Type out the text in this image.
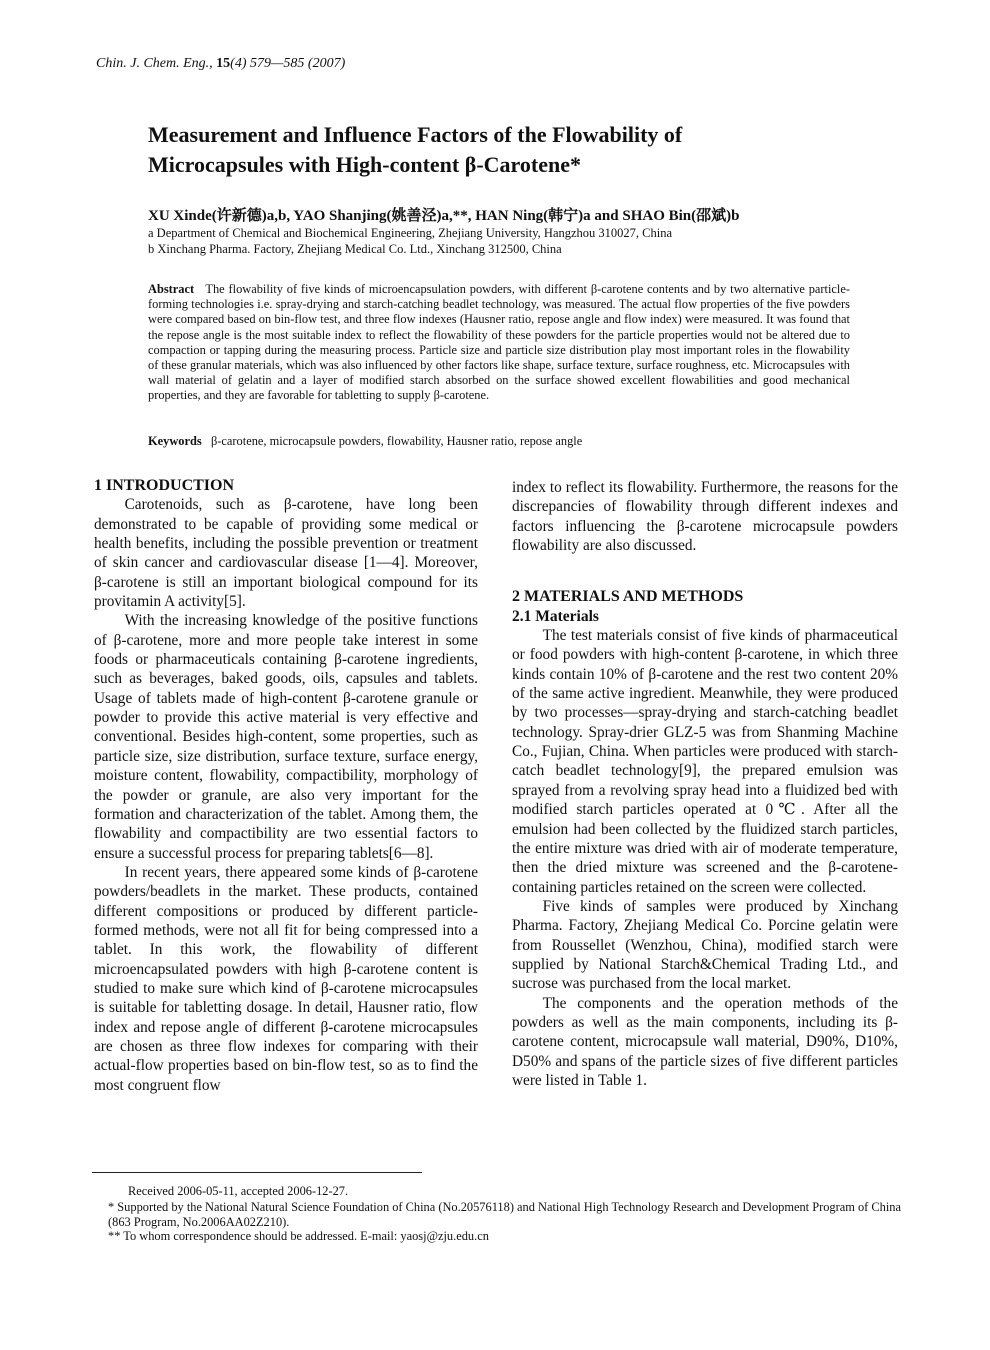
Chin. J. Chem. Eng., 15(4) 579—585 (2007)
Measurement and Influence Factors of the Flowability of
Microcapsules with High-content β-Carotene*
XU Xinde(许新德)a,b, YAO Shanjing(姚善泾)a,**, HAN Ning(韩宁)a and SHAO Bin(邵斌)b
a Department of Chemical and Biochemical Engineering, Zhejiang University, Hangzhou 310027, China
b Xinchang Pharma. Factory, Zhejiang Medical Co. Ltd., Xinchang 312500, China
Abstract The flowability of five kinds of microencapsulation powders, with different β-carotene contents and by two alternative particle-forming technologies i.e. spray-drying and starch-catching beadlet technology, was measured. The actual flow properties of the five powders were compared based on bin-flow test, and three flow indexes (Hausner ratio, repose angle and flow index) were measured. It was found that the repose angle is the most suitable index to reflect the flowability of these powders for the particle properties would not be altered due to compaction or tapping during the measuring process. Particle size and particle size distribution play most important roles in the flowability of these granular materials, which was also influenced by other factors like shape, surface texture, surface roughness, etc. Microcapsules with wall material of gelatin and a layer of modified starch absorbed on the surface showed excellent flowabilities and good mechanical properties, and they are favorable for tabletting to supply β-carotene.
Keywords β-carotene, microcapsule powders, flowability, Hausner ratio, repose angle
1 INTRODUCTION

Carotenoids, such as β-carotene, have long been demonstrated to be capable of providing some medical or health benefits, including the possible prevention or treatment of skin cancer and cardiovascular disease [1—4]. Moreover, β-carotene is still an important biological compound for its provitamin A activity[5].

With the increasing knowledge of the positive functions of β-carotene, more and more people take interest in some foods or pharmaceuticals containing β-carotene ingredients, such as beverages, baked goods, oils, capsules and tablets. Usage of tablets made of high-content β-carotene granule or powder to provide this active material is very effective and conventional. Besides high-content, some properties, such as particle size, size distribution, surface texture, surface energy, moisture content, flowability, compactibility, morphology of the powder or granule, are also very important for the formation and characterization of the tablet. Among them, the flowability and compactibility are two essential factors to ensure a successful process for preparing tablets[6—8].

In recent years, there appeared some kinds of β-carotene powders/beadlets in the market. These products, contained different compositions or produced by different particle-formed methods, were not all fit for being compressed into a tablet. In this work, the flowability of different microencapsulated powders with high β-carotene content is studied to make sure which kind of β-carotene microcapsules is suitable for tabletting dosage. In detail, Hausner ratio, flow index and repose angle of different β-carotene microcapsules are chosen as three flow indexes for comparing with their actual-flow properties based on bin-flow test, so as to find the most congruent flow

index to reflect its flowability. Furthermore, the reasons for the discrepancies of flowability through different indexes and factors influencing the β-carotene microcapsule powders flowability are also discussed.

2 MATERIALS AND METHODS
2.1 Materials

The test materials consist of five kinds of pharmaceutical or food powders with high-content β-carotene, in which three kinds contain 10% of β-carotene and the rest two content 20% of the same active ingredient. Meanwhile, they were produced by two processes—spray-drying and starch-catching beadlet technology. Spray-drier GLZ-5 was from Shanming Machine Co., Fujian, China. When particles were produced with starch-catch beadlet technology[9], the prepared emulsion was sprayed from a revolving spray head into a fluidized bed with modified starch particles operated at 0℃. After all the emulsion had been collected by the fluidized starch particles, the entire mixture was dried with air of moderate temperature, then the dried mixture was screened and the β-carotene-containing particles retained on the screen were collected.

Five kinds of samples were produced by Xinchang Pharma. Factory, Zhejiang Medical Co. Porcine gelatin were from Roussellet (Wenzhou, China), modified starch were supplied by National Starch&Chemical Trading Ltd., and sucrose was purchased from the local market.

The components and the operation methods of the powders as well as the main components, including its β-carotene content, microcapsule wall material, D90%, D10%, D50% and spans of the particle sizes of five different particles were listed in Table 1.

Received 2006-05-11, accepted 2006-12-27.
* Supported by the National Natural Science Foundation of China (No.20576118) and National High Technology Research and Development Program of China (863 Program, No.2006AA02Z210).
** To whom correspondence should be addressed. E-mail: yaosj@zju.edu.cn
